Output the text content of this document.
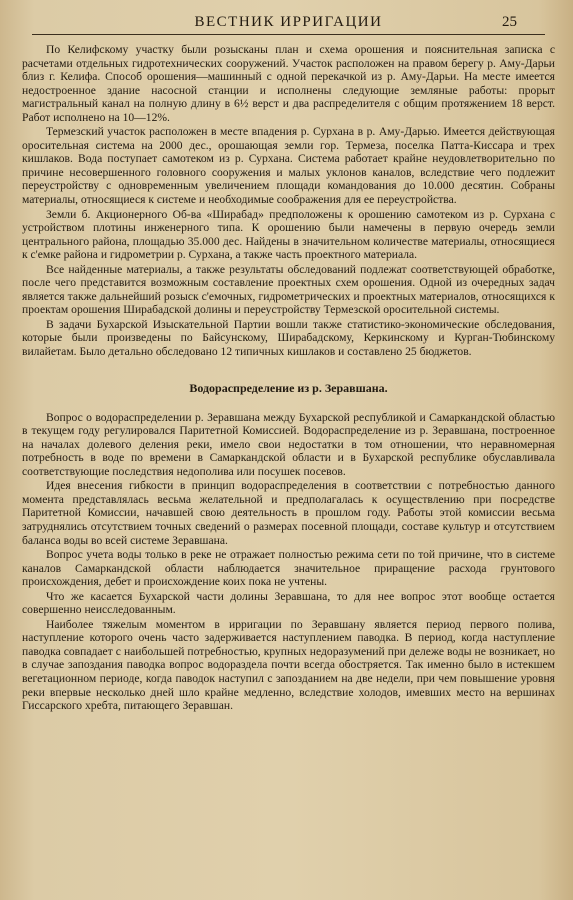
ВЕСТНИК ИРРИГАЦИИ	25

По Келифскому участку были розысканы план и схема орошения и пояснительная записка с расчетами отдельных гидротехнических сооружений. Участок расположен на правом берегу р. Аму-Дарьи близ г. Келифа. Способ орошения—машинный с одной перекачкой из р. Аму-Дарьи. На месте имеется недостроенное здание насосной станции и исполнены следующие земляные работы: прорыт магистральный канал на полную длину в 6½ верст и два распределителя с общим протяжением 18 верст. Работ исполнено на 10—12%.

Термезский участок расположен в месте впадения р. Сурхана в р. Аму-Дарью. Имеется действующая оросительная система на 2000 дес., орошающая земли гор. Термеза, поселка Патта-Киссара и трех кишлаков. Вода поступает самотеком из р. Сурхана. Система работает крайне неудовлетворительно по причине несовершенного головного сооружения и малых уклонов каналов, вследствие чего подлежит переустройству с одновременным увеличением площади командования до 10.000 десятин. Собраны материалы, относящиеся к системе и необходимые соображения для ее переустройства.

Земли б. Акционерного Об-ва «Ширабад» предположены к орошению самотеком из р. Сурхана с устройством плотины инженерного типа. К орошению были намечены в первую очередь земли центрального района, площадью 35.000 дес. Найдены в значительном количестве материалы, относящиеся к с'емке района и гидрометрии р. Сурхана, а также часть проектного материала.

Все найденные материалы, а также результаты обследований подлежат соответствующей обработке, после чего представится возможным составление проектных схем орошения. Одной из очередных задач является также дальнейший розыск с'емочных, гидрометрических и проектных материалов, относящихся к проектам орошения Ширабадской долины и переустройству Термезской оросительной системы.

В задачи Бухарской Изыскательной Партии вошли также статистико-экономические обследования, которые были произведены по Байсунскому, Ширабадскому, Керкинскому и Курган-Тюбинскому вилайетам. Было детально обследовано 12 типичных кишлаков и составлено 25 бюджетов.

Водораспределение из р. Зеравшана.

Вопрос о водораспределении р. Зеравшана между Бухарской республикой и Самаркандской областью в текущем году регулировался Паритетной Комиссией. Водораспределение из р. Зеравшана, построенное на началах долевого деления реки, имело свои недостатки в том отношении, что неравномерная потребность в воде по времени в Самаркандской области и в Бухарской республике обуславливала соответствующие последствия недополива или посушек посевов.

Идея внесения гибкости в принцип водораспределения в соответствии с потребностью данного момента представлялась весьма желательной и предполагалась к осуществлению при посредстве Паритетной Комиссии, начавшей свою деятельность в прошлом году. Работы этой комиссии весьма затруднялись отсутствием точных сведений о размерах посевной площади, составе культур и отсутствием баланса воды во всей системе Зеравшана.

Вопрос учета воды только в реке не отражает полностью режима сети по той причине, что в системе каналов Самаркандской области наблюдается значительное приращение расхода грунтового происхождения, дебет и происхождение коих пока не учтены.

Что же касается Бухарской части долины Зеравшана, то для нее вопрос этот вообще остается совершенно неисследованным.

Наиболее тяжелым моментом в ирригации по Зеравшану является период первого полива, наступление которого очень часто задерживается наступлением паводка. В период, когда наступление паводка совпадает с наибольшей потребностью, крупных недоразумений при дележе воды не возникает, но в случае запоздания паводка вопрос водораздела почти всегда обостряется. Так именно было в истекшем вегетационном периоде, когда паводок наступил с запозданием на две недели, при чем повышение уровня реки впервые несколько дней шло крайне медленно, вследствие холодов, имевших место на вершинах Гиссарского хребта, питающего Зеравшан.
